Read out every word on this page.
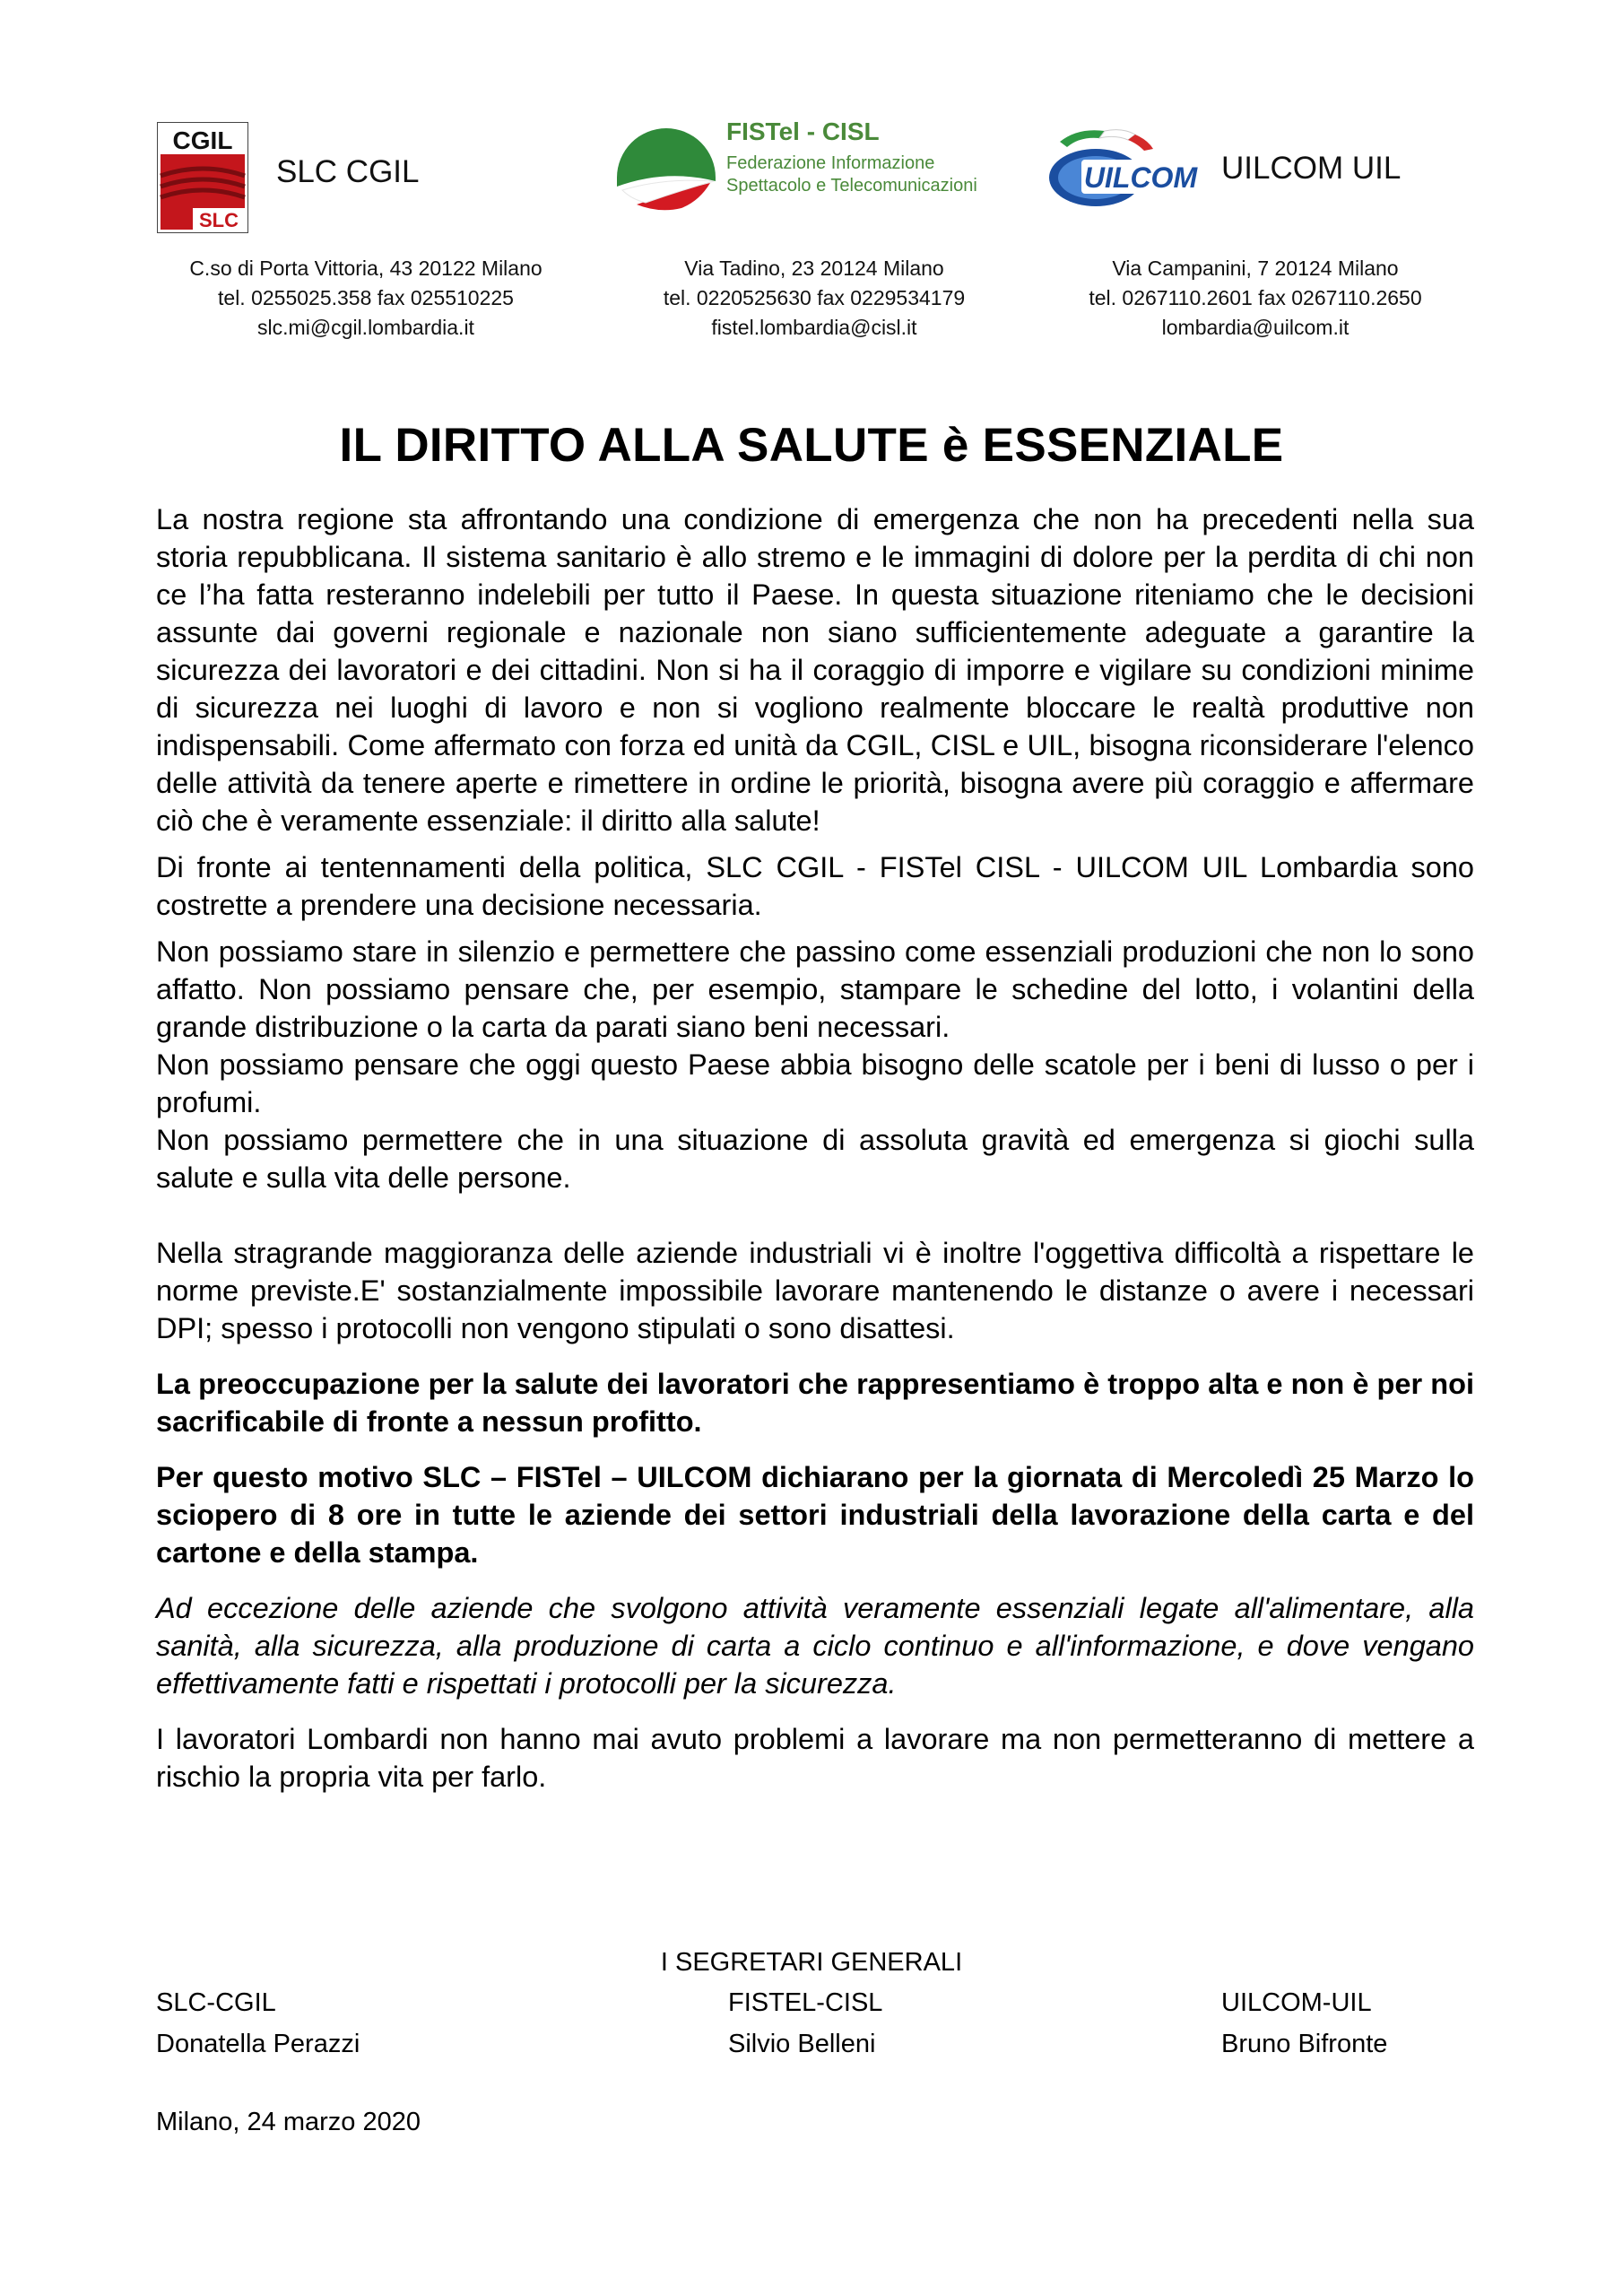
CGIL
SLC
SLC CGIL
FISTel - CISL
Federazione Informazione
Spettacolo e Telecomunicazioni	UILCOM UILCOM UIL
C.so di Porta Vittoria, 43 20122 Milano
tel. 0255025.358 fax 025510225
slc.mi@cgil.lombardia.it
Via Tadino, 23 20124 Milano
tel. 0220525630 fax 0229534179
fistel.lombardia@cisl.it
Via Campanini, 7 20124 Milano
tel. 0267110.2601 fax 0267110.2650
lombardia@uilcom.it
IL DIRITTO ALLA SALUTE è ESSENZIALE

La nostra regione sta affrontando una condizione di emergenza che non ha precedenti nella sua storia repubblicana. Il sistema sanitario è allo stremo e le immagini di dolore per la perdita di chi non ce l’ha fatta resteranno indelebili per tutto il Paese. In questa situazione riteniamo che le decisioni assunte dai governi regionale e nazionale non siano sufficientemente adeguate a garantire la sicurezza dei lavoratori e dei cittadini. Non si ha il coraggio di imporre e vigilare su condizioni minime di sicurezza nei luoghi di lavoro e non si vogliono realmente bloccare le realtà produttive non indispensabili. Come affermato con forza ed unità da CGIL, CISL e UIL, bisogna riconsiderare l'elenco delle attività da tenere aperte e rimettere in ordine le priorità, bisogna avere più coraggio e affermare ciò che è veramente essenziale: il diritto alla salute!

Di fronte ai tentennamenti della politica, SLC CGIL - FISTel CISL - UILCOM UIL Lombardia sono costrette a prendere una decisione necessaria.

Non possiamo stare in silenzio e permettere che passino come essenziali produzioni che non lo sono affatto. Non possiamo pensare che, per esempio, stampare le schedine del lotto, i volantini della grande distribuzione o la carta da parati siano beni necessari.

Non possiamo pensare che oggi questo Paese abbia bisogno delle scatole per i beni di lusso o per i profumi.

Non possiamo permettere che in una situazione di assoluta gravità ed emergenza si giochi sulla salute e sulla vita delle persone.

Nella stragrande maggioranza delle aziende industriali vi è inoltre l'oggettiva difficoltà a rispettare le norme previste.E' sostanzialmente impossibile lavorare mantenendo le distanze o avere i necessari DPI; spesso i protocolli non vengono stipulati o sono disattesi.

La preoccupazione per la salute dei lavoratori che rappresentiamo è troppo alta e non è per noi sacrificabile di fronte a nessun profitto.

Per questo motivo SLC – FISTel – UILCOM dichiarano per la giornata di Mercoledì 25 Marzo lo sciopero di 8 ore in tutte le aziende dei settori industriali della lavorazione della carta e del cartone e della stampa.

Ad eccezione delle aziende che svolgono attività veramente essenziali legate all'alimentare, alla sanità, alla sicurezza, alla produzione di carta a ciclo continuo e all'informazione, e dove vengano effettivamente fatti e rispettati i protocolli per la sicurezza.

I lavoratori Lombardi non hanno mai avuto problemi a lavorare ma non permetteranno di mettere a rischio la propria vita per farlo.

I SEGRETARI GENERALI
SLC-CGIL
Donatella Perazzi
FISTEL-CISL
Silvio Belleni
UILCOM-UIL
Bruno Bifronte
Milano, 24 marzo 2020
